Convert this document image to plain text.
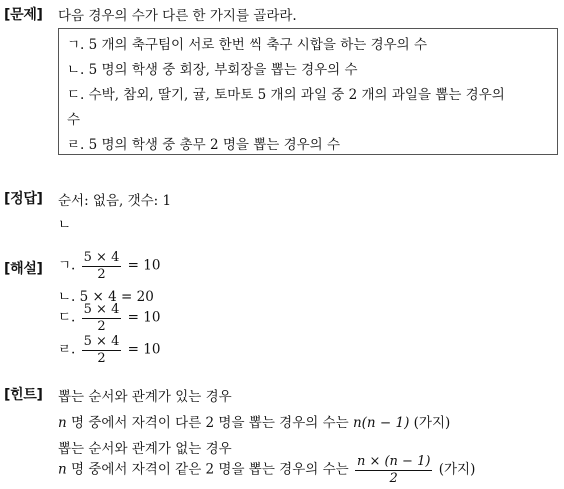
[문제] 다음 경우의 수가 다른 한 가지를 골라라.
ㄱ. 5 개의 축구팀이 서로 한번 씩 축구 시합을 하는 경우의 수
ㄴ. 5 명의 학생 중 회장, 부회장을 뽑는 경우의 수
ㄷ. 수박, 참외, 딸기, 귤, 토마토 5 개의 과일 중 2 개의 과일을 뽑는 경우의
수
ㄹ. 5 명의 학생 중 총무 2 명을 뽑는 경우의 수
[정답] 순서: 없음, 갯수: 1
ㄴ
[해설] ㄱ. $\frac{5 \times 4}{2} = 10$
ㄴ. 5 × 4 = 20
ㄷ. $\frac{5 \times 4}{2} = 10$
ㄹ. $\frac{5 \times 4}{2} = 10$
[힌트] 뽑는 순서와 관계가 있는 경우
n 명 중에서 자격이 다른 2 명을 뽑는 경우의 수는 n(n − 1) (가지)
뽑는 순서와 관계가 없는 경우
n 명 중에서 자격이 같은 2 명을 뽑는 경우의 수는 $\frac{n \times (n - 1)}{2}$ (가지)
